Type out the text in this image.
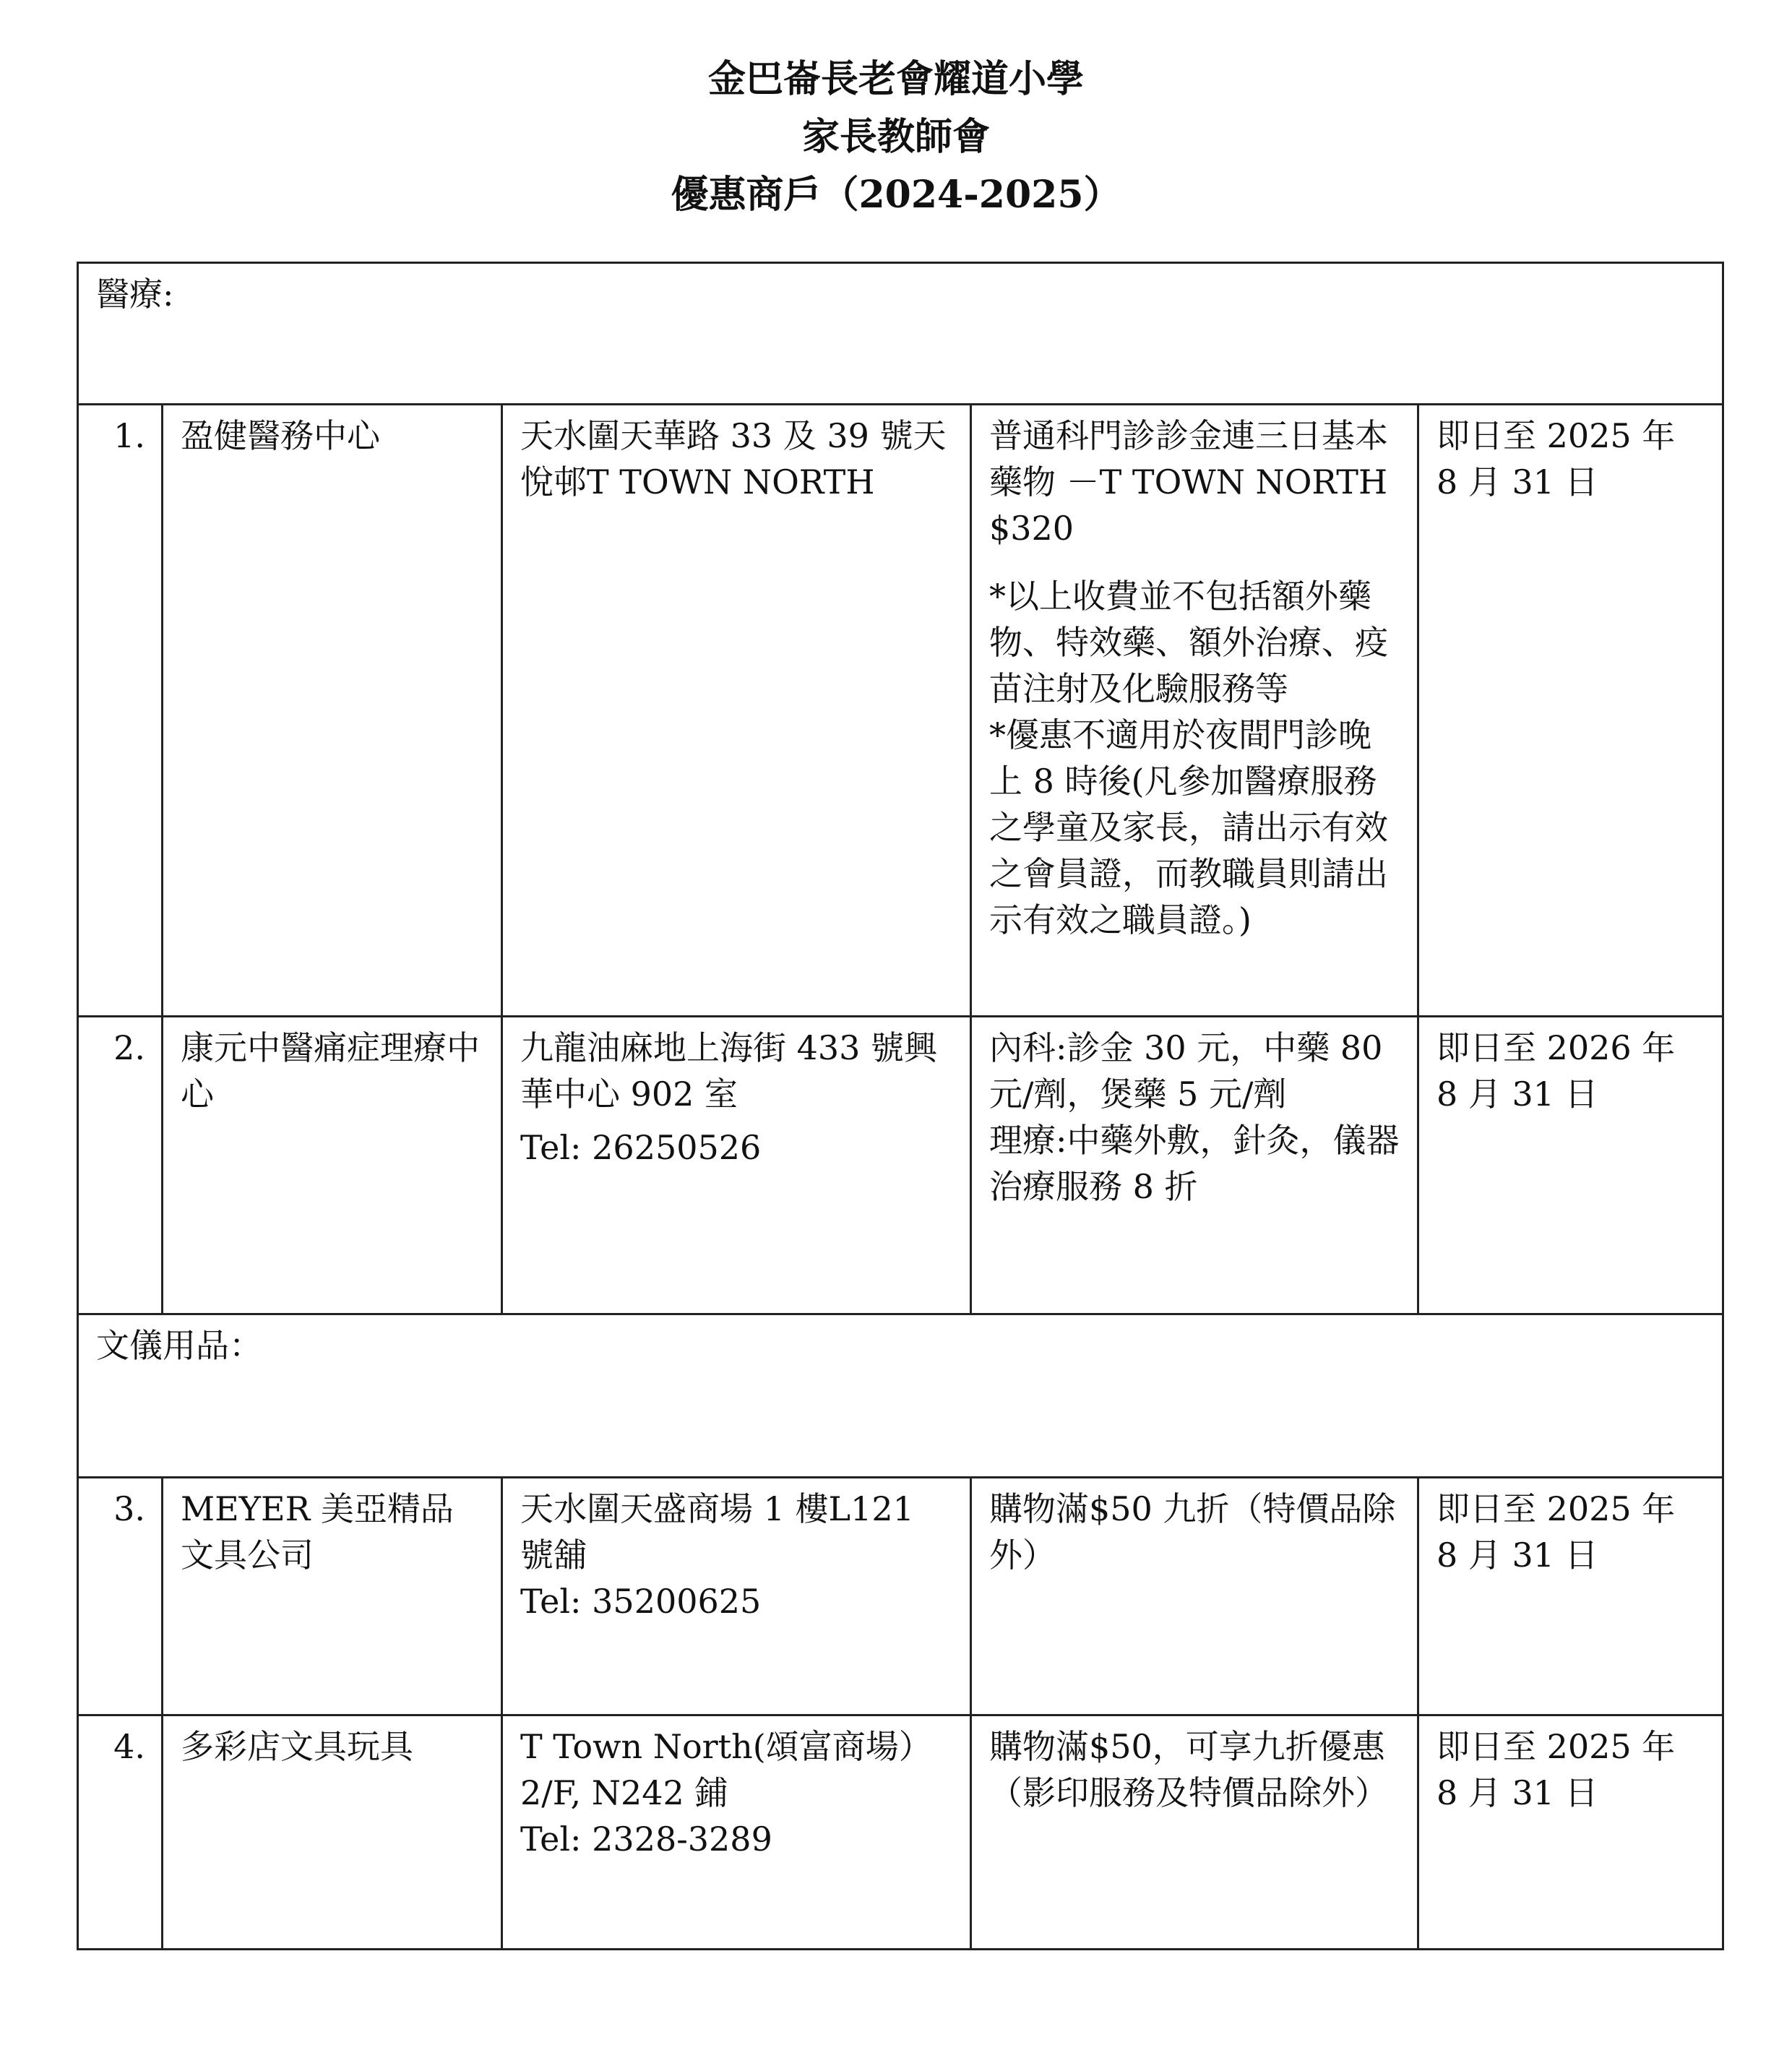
金巴崙長老會耀道小學
家長教師會
優惠商戶（2024-2025）
醫療:				
1.	盈健醫務中心	天水圍天華路 33 及 39 號天悅邨T TOWN NORTH	普通科門診診金連三日基本藥物 －T TOWN NORTH $320
*以上收費並不包括額外藥物、特效藥、額外治療、疫苗注射及化驗服務等
*優惠不適用於夜間門診晚上 8 時後(凡參加醫療服務之學童及家長，請出示有效之會員證，而教職員則請出示有效之職員證。)	即日至 2025 年 8 月 31 日
2.	康元中醫痛症理療中心	九龍油麻地上海街 433 號興華中心 902 室
Tel: 26250526	內科:診金 30 元，中藥 80 元/劑，煲藥 5 元/劑
理療:中藥外敷，針灸，儀器治療服務 8 折	即日至 2026 年 8 月 31 日
文儀用品：				
3.	MEYER 美亞精品文具公司	天水圍天盛商場 1 樓L121 號舖
Tel: 35200625	購物滿$50 九折（特價品除外）	即日至 2025 年 8 月 31 日
4.	多彩店文具玩具	T Town North(頌富商場）
2/F, N242 鋪
Tel: 2328-3289	購物滿$50，可享九折優惠（影印服務及特價品除外）	即日至 2025 年 8 月 31 日
